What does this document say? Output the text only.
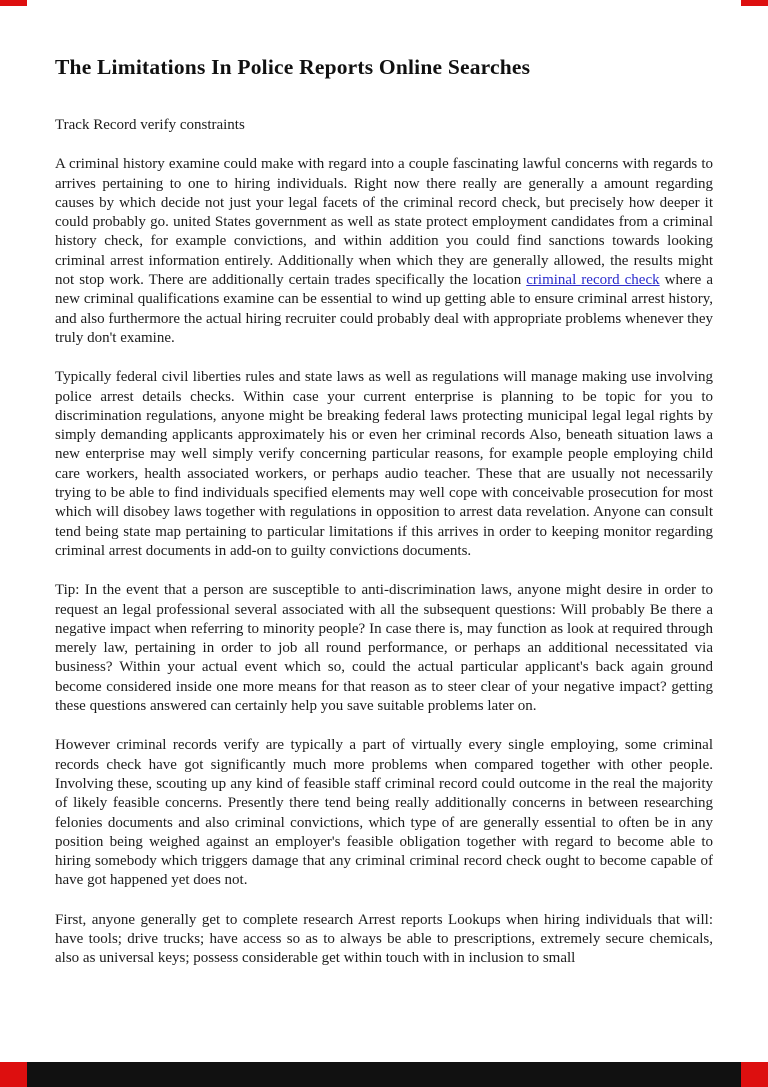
The Limitations In Police Reports Online Searches

Track Record verify constraints

A criminal history examine could make with regard into a couple fascinating lawful concerns with regards to arrives pertaining to one to hiring individuals. Right now there really are generally a amount regarding causes by which decide not just your legal facets of the criminal record check, but precisely how deeper it could probably go. united States government as well as state protect employment candidates from a criminal history check, for example convictions, and within addition you could find sanctions towards looking criminal arrest information entirely. Additionally when which they are generally allowed, the results might not stop work. There are additionally certain trades specifically the location criminal record check where a new criminal qualifications examine can be essential to wind up getting able to ensure criminal arrest history, and also furthermore the actual hiring recruiter could probably deal with appropriate problems whenever they truly don't examine.

Typically federal civil liberties rules and state laws as well as regulations will manage making use involving police arrest details checks. Within case your current enterprise is planning to be topic for you to discrimination regulations, anyone might be breaking federal laws protecting municipal legal legal rights by simply demanding applicants approximately his or even her criminal records Also, beneath situation laws a new enterprise may well simply verify concerning particular reasons, for example people employing child care workers, health associated workers, or perhaps audio teacher. These that are usually not necessarily trying to be able to find individuals specified elements may well cope with conceivable prosecution for most which will disobey laws together with regulations in opposition to arrest data revelation. Anyone can consult tend being state map pertaining to particular limitations if this arrives in order to keeping monitor regarding criminal arrest documents in add-on to guilty convictions documents.

Tip: In the event that a person are susceptible to anti-discrimination laws, anyone might desire in order to request an legal professional several associated with all the subsequent questions: Will probably Be there a negative impact when referring to minority people? In case there is, may function as look at required through merely law, pertaining in order to job all round performance, or perhaps an additional necessitated via business? Within your actual event which so, could the actual particular applicant's back again ground become considered inside one more means for that reason as to steer clear of your negative impact? getting these questions answered can certainly help you save suitable problems later on.

However criminal records verify are typically a part of virtually every single employing, some criminal records check have got significantly much more problems when compared together with other people. Involving these, scouting up any kind of feasible staff criminal record could outcome in the real the majority of likely feasible concerns. Presently there tend being really additionally concerns in between researching felonies documents and also criminal convictions, which type of are generally essential to often be in any position being weighed against an employer's feasible obligation together with regard to become able to hiring somebody which triggers damage that any criminal criminal record check ought to become capable of have got happened yet does not.

First, anyone generally get to complete research Arrest reports Lookups when hiring individuals that will: have tools; drive trucks; have access so as to always be able to prescriptions, extremely secure chemicals, also as universal keys; possess considerable get within touch with in inclusion to small
